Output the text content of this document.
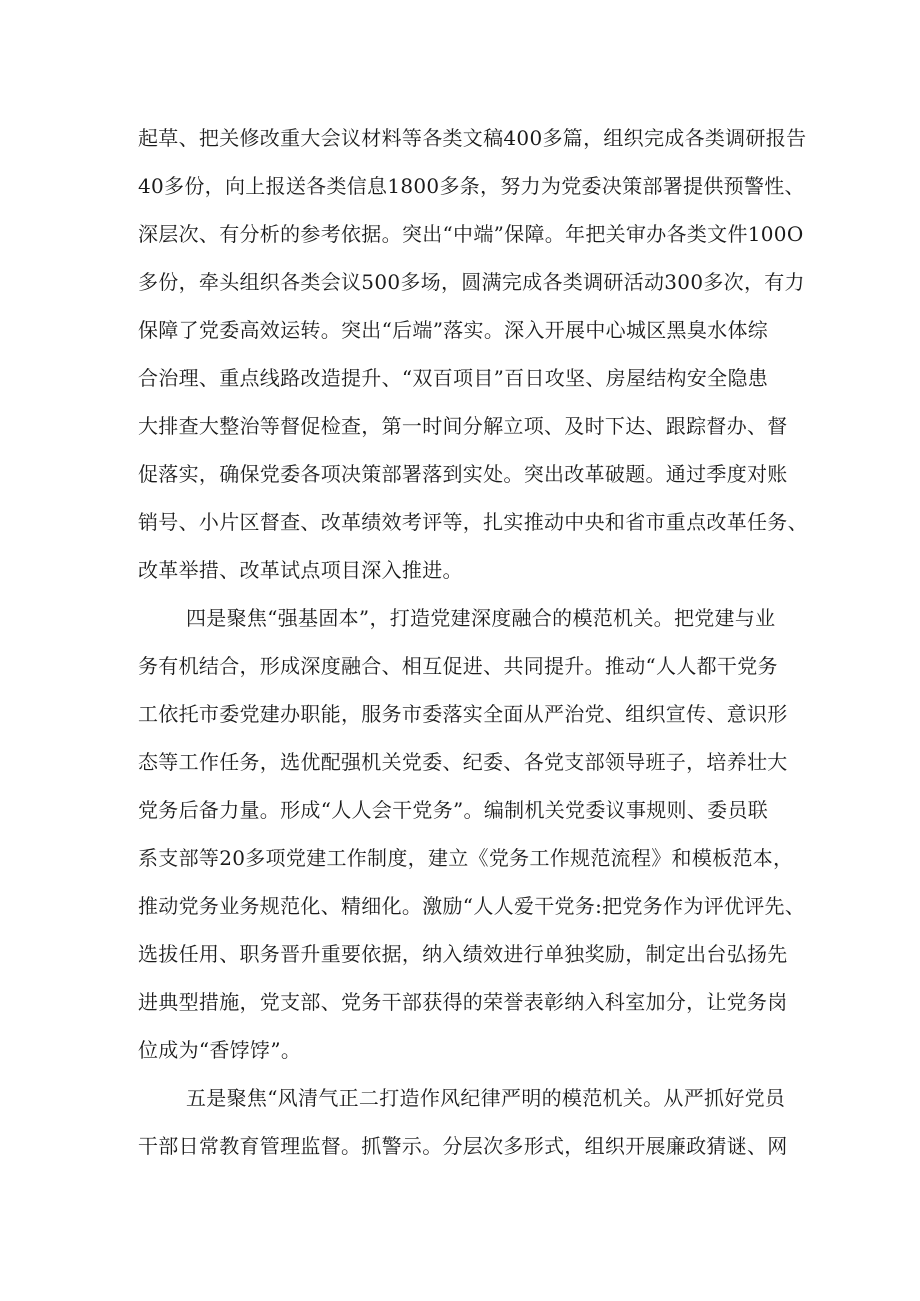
起草、把关修改重大会议材料等各类文稿400多篇，组织完成各类调研报告
40多份，向上报送各类信息1800多条，努力为党委决策部署提供预警性、
深层次、有分析的参考依据。突出“中端”保障。年把关审办各类文件100O
多份，牵头组织各类会议500多场，圆满完成各类调研活动300多次，有力
保障了党委高效运转。突出“后端”落实。深入开展中心城区黑臭水体综
合治理、重点线路改造提升、“双百项目”百日攻坚、房屋结构安全隐患
大排查大整治等督促检查，第一时间分解立项、及时下达、跟踪督办、督
促落实，确保党委各项决策部署落到实处。突出改革破题。通过季度对账
销号、小片区督查、改革绩效考评等，扎实推动中央和省市重点改革任务、
改革举措、改革试点项目深入推进。
四是聚焦“强基固本”，打造党建深度融合的模范机关。把党建与业
务有机结合，形成深度融合、相互促进、共同提升。推动“人人都干党务
工依托市委党建办职能，服务市委落实全面从严治党、组织宣传、意识形
态等工作任务，选优配强机关党委、纪委、各党支部领导班子，培养壮大
党务后备力量。形成“人人会干党务”。编制机关党委议事规则、委员联
系支部等20多项党建工作制度，建立《党务工作规范流程》和模板范本，
推动党务业务规范化、精细化。激励“人人爱干党务:把党务作为评优评先、
选拔任用、职务晋升重要依据，纳入绩效进行单独奖励，制定出台弘扬先
进典型措施，党支部、党务干部获得的荣誉表彰纳入科室加分，让党务岗
位成为“香饽饽”。
五是聚焦“风清气正二打造作风纪律严明的模范机关。从严抓好党员
干部日常教育管理监督。抓警示。分层次多形式，组织开展廉政猜谜、网
